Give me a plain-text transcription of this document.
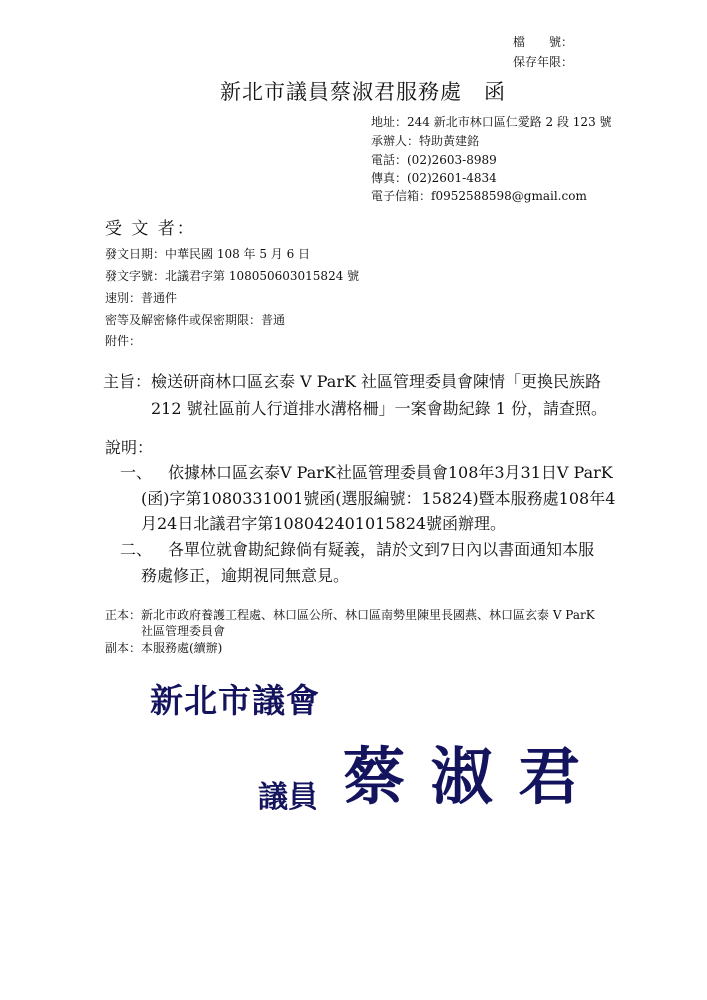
檔　　號：
保存年限：
新北市議員蔡淑君服務處　函
地址：244 新北市林口區仁愛路 2 段 123 號
承辦人：特助黃建銘
電話：(02)2603-8989
傳真：(02)2601-4834
電子信箱：f0952588598@gmail.com
受 文 者：
發文日期：中華民國 108 年 5 月 6 日
發文字號：北議君字第 108050603015824 號
速別：普通件
密等及解密條件或保密期限：普通
附件：
主旨：檢送研商林口區玄泰 V ParK 社區管理委員會陳情「更換民族路
212 號社區前人行道排水溝格柵」一案會勘紀錄 1 份，請查照。
說明：
一、 依據林口區玄泰V ParK社區管理委員會108年3月31日V ParK
(函)字第1080331001號函(選服編號：15824)暨本服務處108年4
月24日北議君字第108042401015824號函辦理。
二、 各單位就會勘紀錄倘有疑義，請於文到7日內以書面通知本服
務處修正，逾期視同無意見。
正本：新北市政府養護工程處、林口區公所、林口區南勢里陳里長國燕、林口區玄泰 V ParK
社區管理委員會
副本：本服務處(續辦)
新北市議會
議員 蔡 淑 君
